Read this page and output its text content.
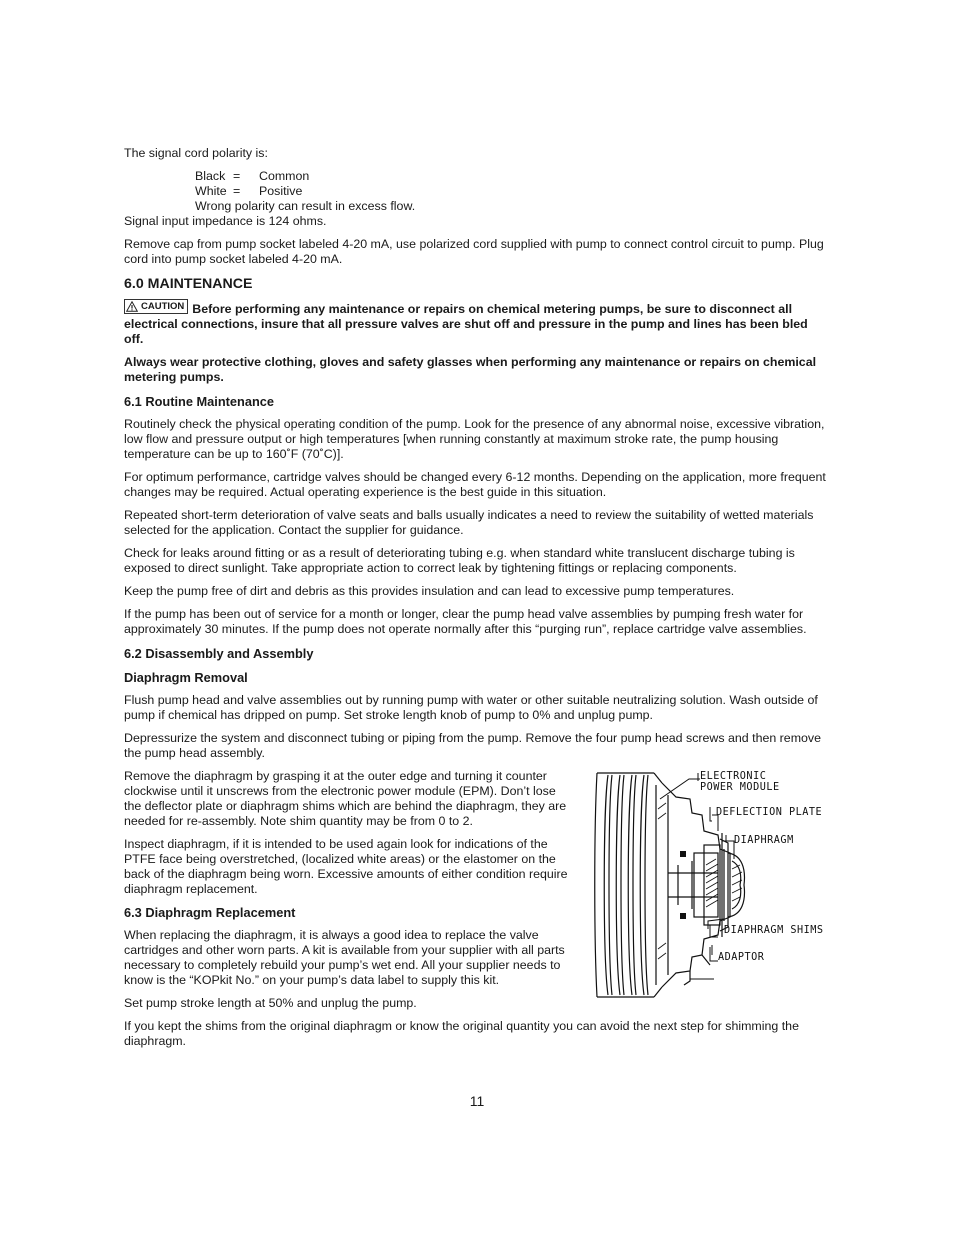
The signal cord polarity is:

Black =	Common
White =	Positive
Wrong polarity can result in excess flow.

Signal input impedance is 124 ohms.

Remove cap from pump socket labeled 4-20 mA, use polarized cord supplied with pump to connect control circuit to pump. Plug cord into pump socket labeled 4-20 mA.

6.0 MAINTENANCE

CAUTION Before performing any maintenance or repairs on chemical metering pumps, be sure to disconnect all electrical connections, insure that all pressure valves are shut off and pressure in the pump and lines has been bled off.

Always wear protective clothing, gloves and safety glasses when performing any maintenance or repairs on chemical metering pumps.

6.1 Routine Maintenance

Routinely check the physical operating condition of the pump. Look for the presence of any abnormal noise, excessive vibration, low flow and pressure output or high temperatures [when running constantly at maximum stroke rate, the pump housing temperature can be up to 160˚F (70˚C)].

For optimum performance, cartridge valves should be changed every 6-12 months. Depending on the application, more frequent changes may be required. Actual operating experience is the best guide in this situation.

Repeated short-term deterioration of valve seats and balls usually indicates a need to review the suitability of wetted materials selected for the application. Contact the supplier for guidance.

Check for leaks around fitting or as a result of deteriorating tubing e.g. when standard white translucent discharge tubing is exposed to direct sunlight. Take appropriate action to correct leak by tightening fittings or replacing components.

Keep the pump free of dirt and debris as this provides insulation and can lead to excessive pump temperatures.

If the pump has been out of service for a month or longer, clear the pump head valve assemblies by pumping fresh water for approximately 30 minutes. If the pump does not operate normally after this “purging run”, replace cartridge valve assemblies.

6.2 Disassembly and Assembly
Diaphragm Removal

Flush pump head and valve assemblies out by running pump with water or other suitable neutralizing solution. Wash outside of pump if chemical has dripped on pump. Set stroke length knob of pump to 0% and unplug pump.

Depressurize the system and disconnect tubing or piping from the pump. Remove the four pump head screws and then remove the pump head assembly.

Remove the diaphragm by grasping it at the outer edge and turning it counter clockwise until it unscrews from the electronic power module (EPM). Don’t lose the deflector plate or diaphragm shims which are behind the diaphragm, they are needed for re-assembly. Note shim quantity may be from 0 to 2.

Inspect diaphragm, if it is intended to be used again look for indications of the PTFE face being overstretched, (localized white areas) or the elastomer on the back of the diaphragm being worn. Excessive amounts of either condition require diaphragm replacement.

6.3 Diaphragm Replacement

When replacing the diaphragm, it is always a good idea to replace the valve cartridges and other worn parts. A kit is available from your supplier with all parts necessary to completely rebuild your pump’s wet end. All your supplier needs to know is the “KOPkit No.” on your pump’s data label to supply this kit.

ELECTRONIC
POWER MODULE
DEFLECTION PLATE
DIAPHRAGM
DIAPHRAGM SHIMS
ADAPTOR

Set pump stroke length at 50% and unplug the pump.

If you kept the shims from the original diaphragm or know the original quantity you can avoid the next step for shimming the diaphragm.

11
